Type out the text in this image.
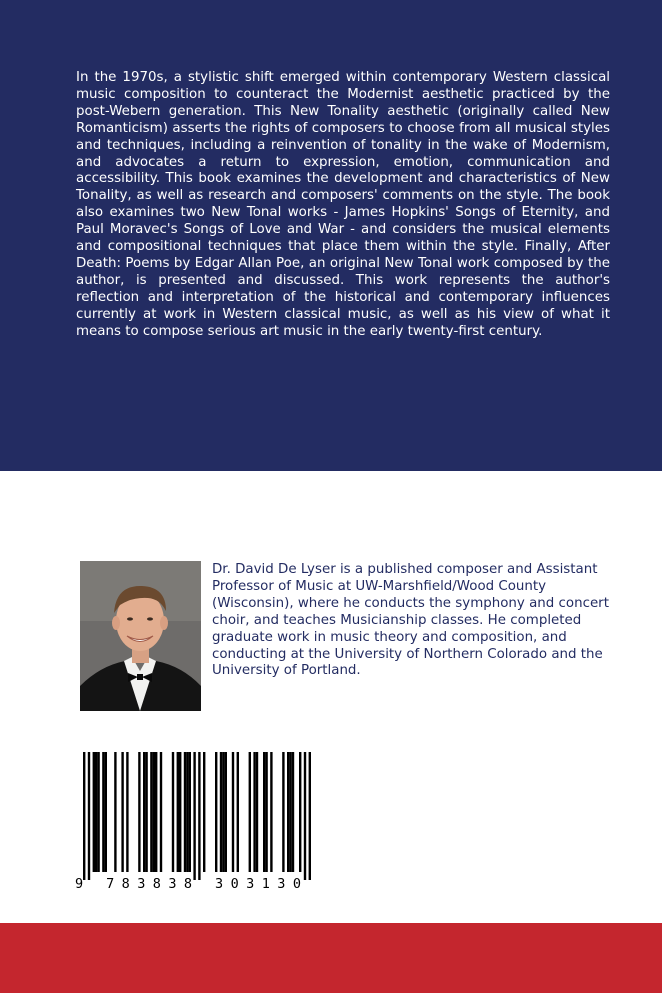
In the 1970s, a stylistic shift emerged within contemporary Western classical music composition to counteract the Modernist aesthetic practiced by the post-Webern generation. This New Tonality aesthetic (originally called New Romanticism) asserts the rights of composers to choose from all musical styles and techniques, including a reinvention of tonality in the wake of Modernism, and advocates a return to expression, emotion, communication and accessibility. This book examines the development and characteristics of New Tonality, as well as research and composers' comments on the style. The book also examines two New Tonal works - James Hopkins' Songs of Eternity, and Paul Moravec's Songs of Love and War - and considers the musical elements and compositional techniques that place them within the style. Finally, After Death: Poems by Edgar Allan Poe, an original New Tonal work composed by the author, is presented and discussed. This work represents the author's reflection and interpretation of the historical and contemporary influences currently at work in Western classical music, as well as his view of what it means to compose serious art music in the early twenty-first century.

Dr. David De Lyser is a published composer and Assistant Professor of Music at UW-Marshfield/Wood County (Wisconsin), where he conducts the symphony and concert choir, and teaches Musicianship classes. He completed graduate work in music theory and composition, and conducting at the University of Northern Colorado and the University of Portland.

9 783838 303130
